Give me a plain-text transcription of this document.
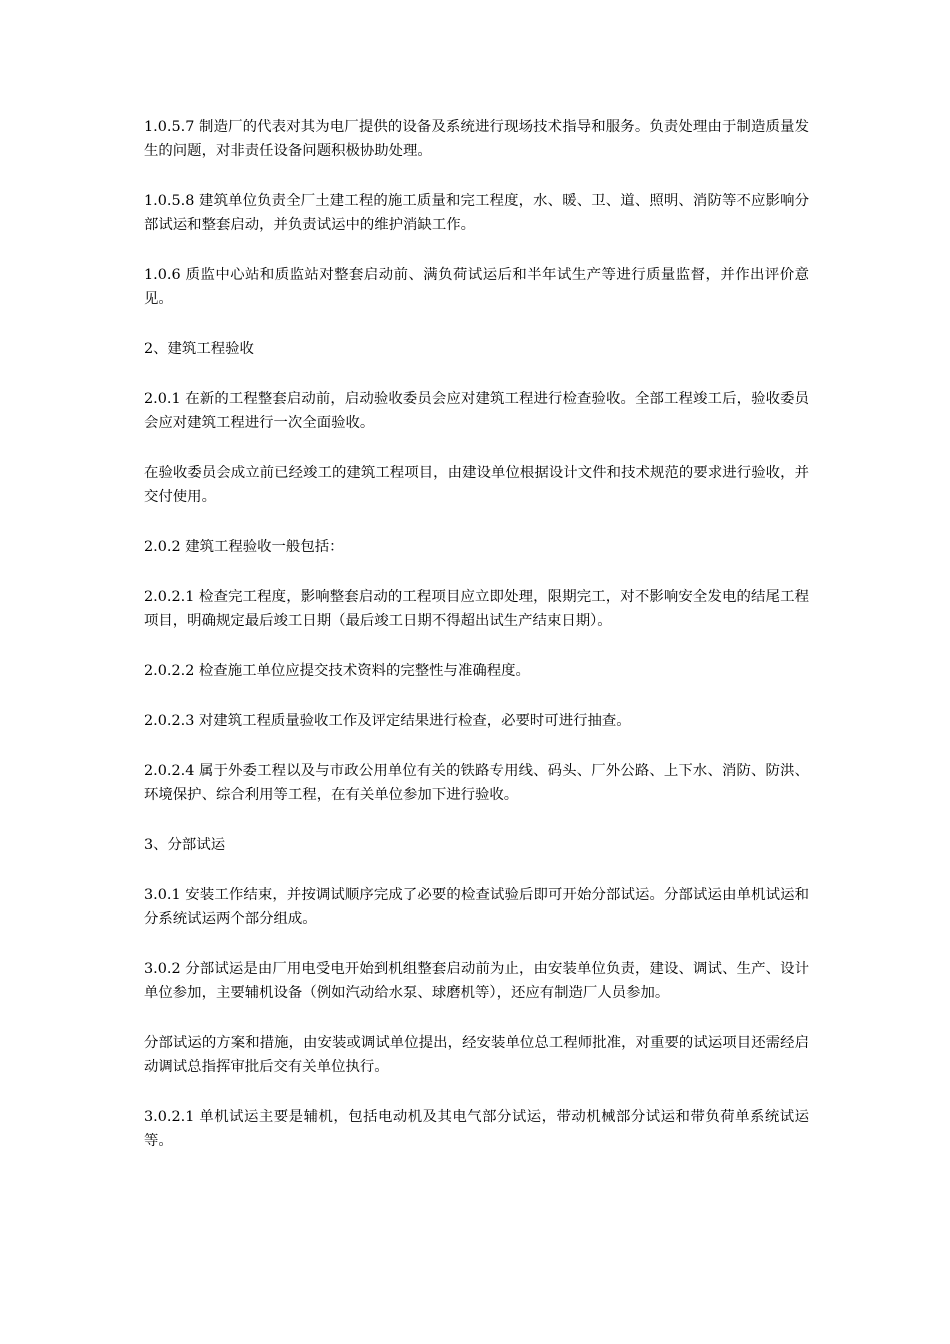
1.0.5.7 制造厂的代表对其为电厂提供的设备及系统进行现场技术指导和服务。负责处理由于制造质量发生的问题，对非责任设备问题积极协助处理。

1.0.5.8 建筑单位负责全厂土建工程的施工质量和完工程度，水、暖、卫、道、照明、消防等不应影响分部试运和整套启动，并负责试运中的维护消缺工作。

1.0.6 质监中心站和质监站对整套启动前、满负荷试运后和半年试生产等进行质量监督，并作出评价意见。

2、建筑工程验收

2.0.1 在新的工程整套启动前，启动验收委员会应对建筑工程进行检查验收。全部工程竣工后，验收委员会应对建筑工程进行一次全面验收。

在验收委员会成立前已经竣工的建筑工程项目，由建设单位根据设计文件和技术规范的要求进行验收，并交付使用。

2.0.2 建筑工程验收一般包括：

2.0.2.1 检查完工程度，影响整套启动的工程项目应立即处理，限期完工，对不影响安全发电的结尾工程项目，明确规定最后竣工日期（最后竣工日期不得超出试生产结束日期）。

2.0.2.2 检查施工单位应提交技术资料的完整性与准确程度。

2.0.2.3 对建筑工程质量验收工作及评定结果进行检查，必要时可进行抽查。

2.0.2.4 属于外委工程以及与市政公用单位有关的铁路专用线、码头、厂外公路、上下水、消防、防洪、环境保护、综合利用等工程，在有关单位参加下进行验收。

3、分部试运

3.0.1 安装工作结束，并按调试顺序完成了必要的检查试验后即可开始分部试运。分部试运由单机试运和分系统试运两个部分组成。

3.0.2 分部试运是由厂用电受电开始到机组整套启动前为止，由安装单位负责，建设、调试、生产、设计单位参加，主要辅机设备（例如汽动给水泵、球磨机等），还应有制造厂人员参加。

分部试运的方案和措施，由安装或调试单位提出，经安装单位总工程师批准，对重要的试运项目还需经启动调试总指挥审批后交有关单位执行。

3.0.2.1 单机试运主要是辅机，包括电动机及其电气部分试运，带动机械部分试运和带负荷单系统试运等。
